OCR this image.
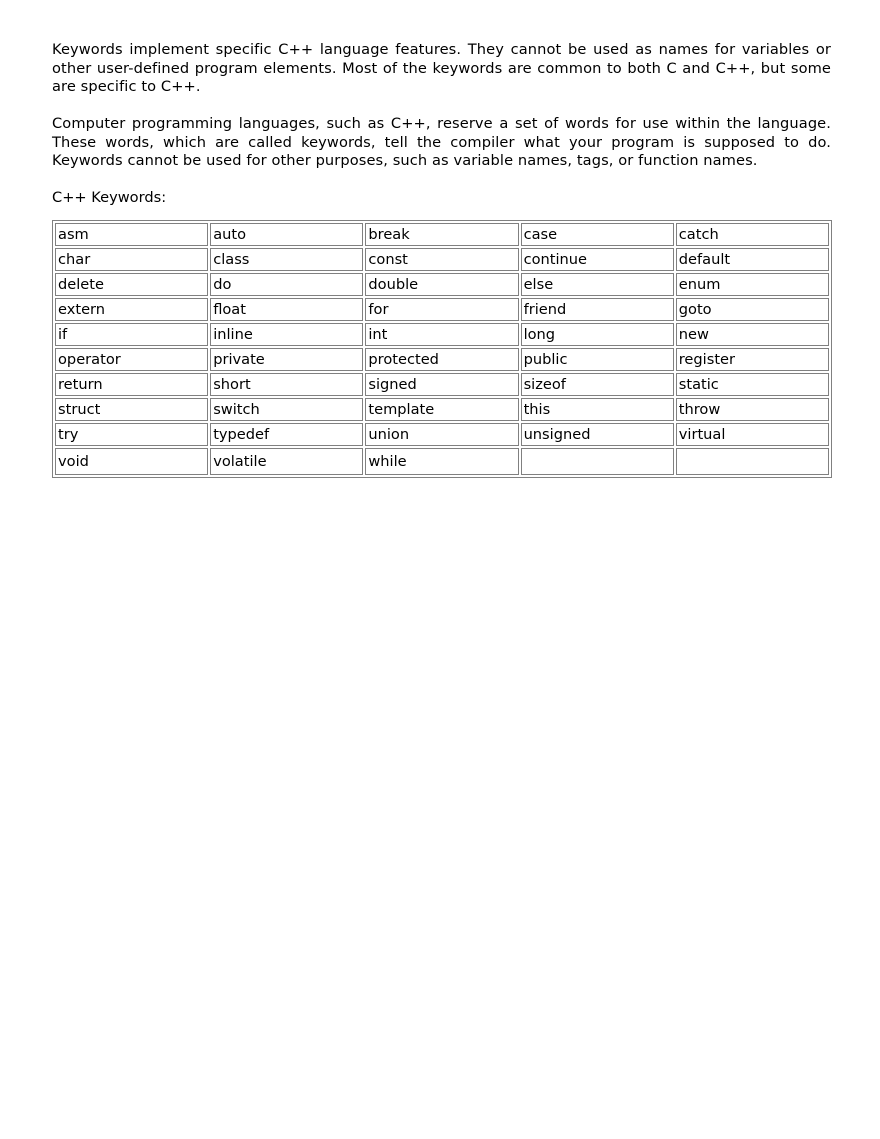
Keywords implement specific C++ language features. They cannot be used as names for variables or other user-defined program elements. Most of the keywords are common to both C and C++, but some are specific to C++.

Computer programming languages, such as C++, reserve a set of words for use within the language. These words, which are called keywords, tell the compiler what your program is supposed to do. Keywords cannot be used for other purposes, such as variable names, tags, or function names.

C++ Keywords:

asm	auto	break	case	catch
char	class	const	continue	default
delete	do	double	else	enum
extern	float	for	friend	goto
if	inline	int	long	new
operator	private	protected	public	register
return	short	signed	sizeof	static
struct	switch	template	this	throw
try	typedef	union	unsigned	virtual
void	volatile	while		
